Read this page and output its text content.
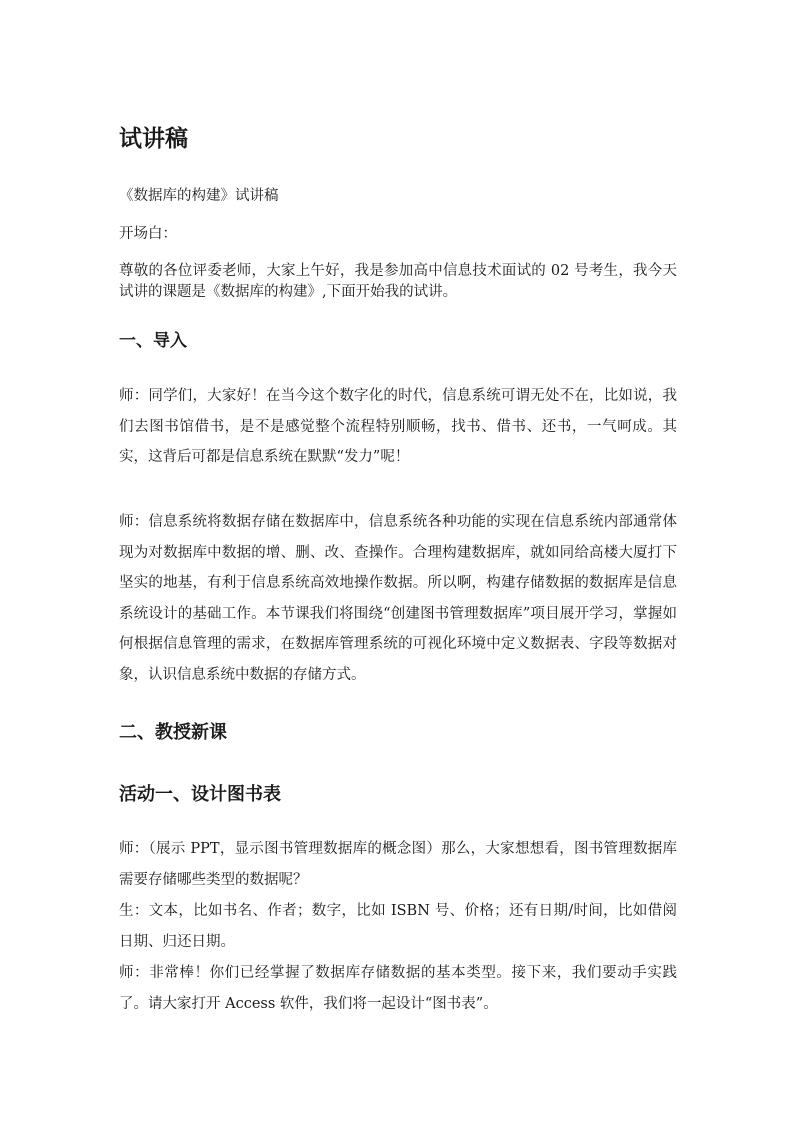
试讲稿

《数据库的构建》试讲稿

开场白：

尊敬的各位评委老师，大家上午好，我是参加高中信息技术面试的 02 号考生，我今天试讲的课题是《数据库的构建》,下面开始我的试讲。

一、导入

师：同学们，大家好！在当今这个数字化的时代，信息系统可谓无处不在，比如说，我们去图书馆借书，是不是感觉整个流程特别顺畅，找书、借书、还书，一气呵成。其实，这背后可都是信息系统在默默“发力”呢！

师：信息系统将数据存储在数据库中，信息系统各种功能的实现在信息系统内部通常体现为对数据库中数据的增、删、改、查操作。合理构建数据库，就如同给高楼大厦打下坚实的地基，有利于信息系统高效地操作数据。所以啊，构建存储数据的数据库是信息系统设计的基础工作。本节课我们将围绕“创建图书管理数据库”项目展开学习，掌握如何根据信息管理的需求，在数据库管理系统的可视化环境中定义数据表、字段等数据对象，认识信息系统中数据的存储方式。

二、教授新课
活动一、设计图书表

师：（展示 PPT，显示图书管理数据库的概念图）那么，大家想想看，图书管理数据库需要存储哪些类型的数据呢？

生：文本，比如书名、作者；数字，比如 ISBN 号、价格；还有日期/时间，比如借阅日期、归还日期。

师：非常棒！你们已经掌握了数据库存储数据的基本类型。接下来，我们要动手实践了。请大家打开 Access 软件，我们将一起设计“图书表”。
